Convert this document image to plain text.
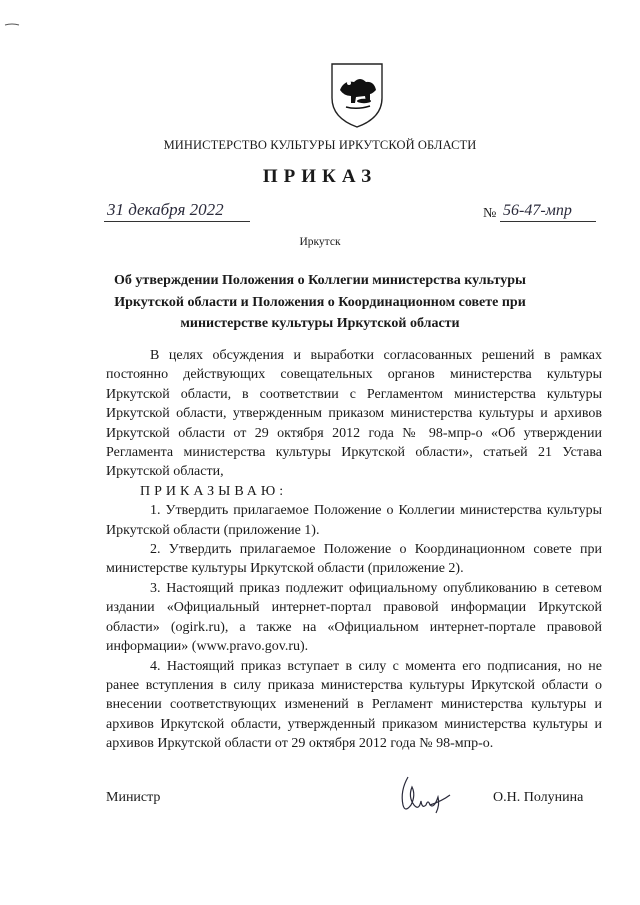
МИНИСТЕРСТВО КУЛЬТУРЫ ИРКУТСКОЙ ОБЛАСТИ
ПРИКАЗ
31 декабря 2022	№ 56-47-мпр
Иркутск
Об утверждении Положения о Коллегии министерства культуры Иркутской области и Положения о Координационном совете при министерстве культуры Иркутской области

В целях обсуждения и выработки согласованных решений в рамках постоянно действующих совещательных органов министерства культуры Иркутской области, в соответствии с Регламентом министерства культуры Иркутской области, утвержденным приказом министерства культуры и архивов Иркутской области от 29 октября 2012 года № 98-мпр-о «Об утверждении Регламента министерства культуры Иркутской области», статьей 21 Устава Иркутской области,

ПРИКАЗЫВАЮ:

1. Утвердить прилагаемое Положение о Коллегии министерства культуры Иркутской области (приложение 1).

2. Утвердить прилагаемое Положение о Координационном совете при министерстве культуры Иркутской области (приложение 2).

3. Настоящий приказ подлежит официальному опубликованию в сетевом издании «Официальный интернет-портал правовой информации Иркутской области» (ogirk.ru), а также на «Официальном интернет-портале правовой информации» (www.pravo.gov.ru).

4. Настоящий приказ вступает в силу с момента его подписания, но не ранее вступления в силу приказа министерства культуры Иркутской области о внесении соответствующих изменений в Регламент министерства культуры и архивов Иркутской области, утвержденный приказом министерства культуры и архивов Иркутской области от 29 октября 2012 года № 98-мпр-о.

Министр	О.Н. Полунина
